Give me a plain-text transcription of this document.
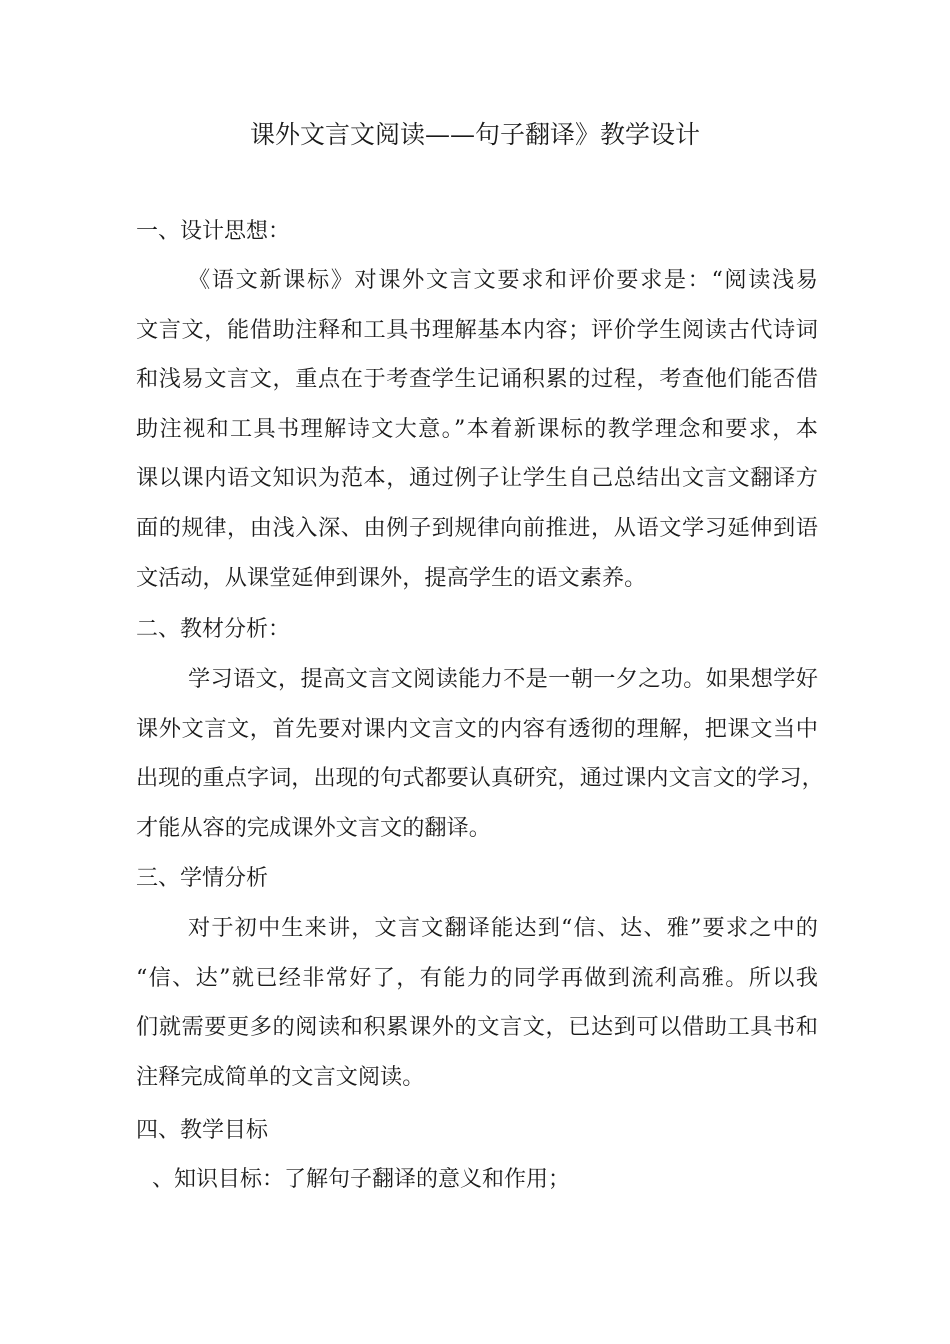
课外文言文阅读——句子翻译》教学设计
一、设计思想：
《语文新课标》对课外文言文要求和评价要求是：“阅读浅易
文言文，能借助注释和工具书理解基本内容；评价学生阅读古代诗词
和浅易文言文，重点在于考查学生记诵积累的过程，考查他们能否借
助注视和工具书理解诗文大意。”本着新课标的教学理念和要求，本
课以课内语文知识为范本，通过例子让学生自己总结出文言文翻译方
面的规律，由浅入深、由例子到规律向前推进，从语文学习延伸到语
文活动，从课堂延伸到课外，提高学生的语文素养。
二、教材分析：
学习语文，提高文言文阅读能力不是一朝一夕之功。如果想学好
课外文言文，首先要对课内文言文的内容有透彻的理解，把课文当中
出现的重点字词，出现的句式都要认真研究，通过课内文言文的学习，
才能从容的完成课外文言文的翻译。
三、学情分析
对于初中生来讲，文言文翻译能达到“信、达、雅”要求之中的
“信、达”就已经非常好了，有能力的同学再做到流利高雅。所以我
们就需要更多的阅读和积累课外的文言文，已达到可以借助工具书和
注释完成简单的文言文阅读。
四、教学目标
、知识目标：了解句子翻译的意义和作用；
